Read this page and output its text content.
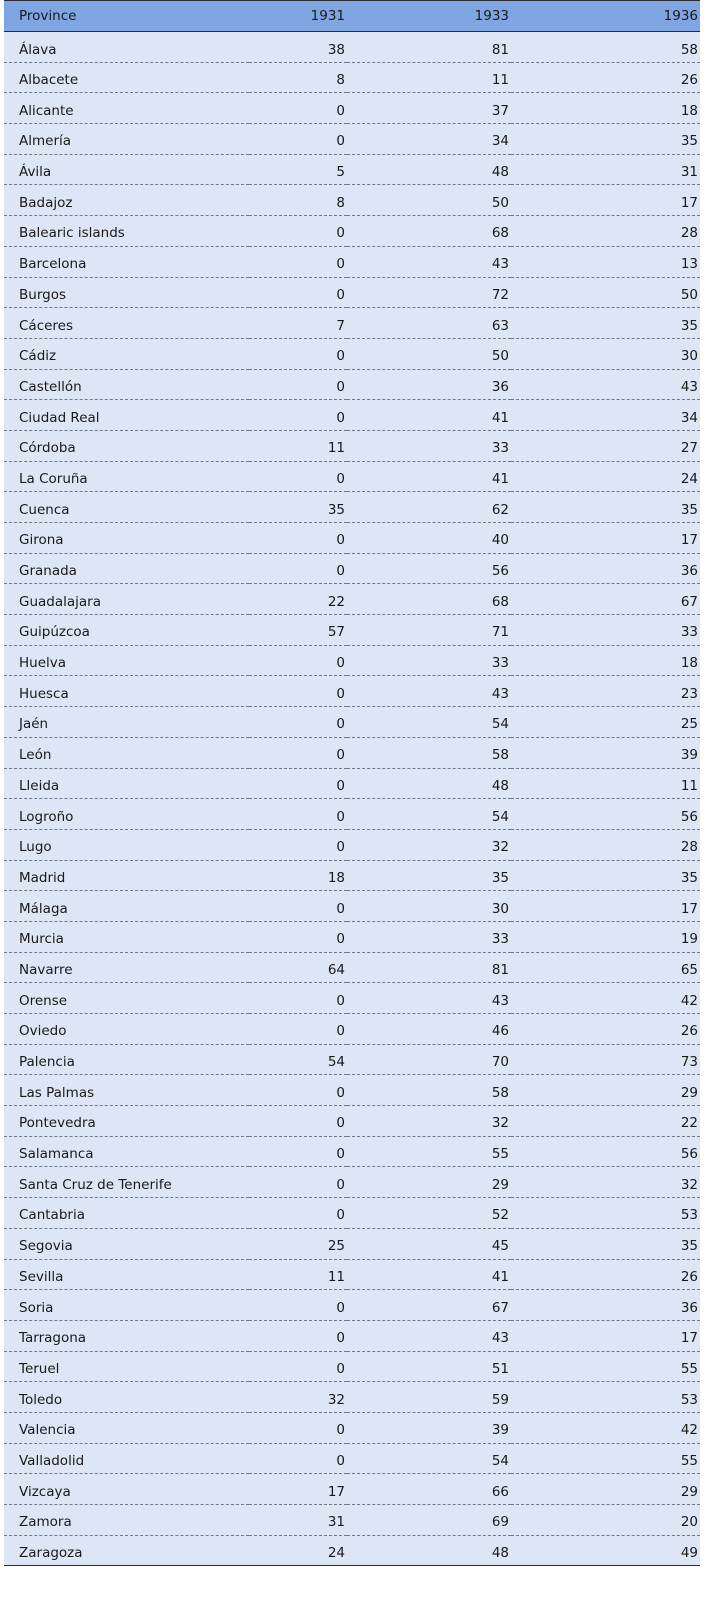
Province	1931	1933	1936
Álava	38	81	58
Albacete	8	11	26
Alicante	0	37	18
Almería	0	34	35
Ávila	5	48	31
Badajoz	8	50	17
Balearic islands	0	68	28
Barcelona	0	43	13
Burgos	0	72	50
Cáceres	7	63	35
Cádiz	0	50	30
Castellón	0	36	43
Ciudad Real	0	41	34
Córdoba	11	33	27
La Coruña	0	41	24
Cuenca	35	62	35
Girona	0	40	17
Granada	0	56	36
Guadalajara	22	68	67
Guipúzcoa	57	71	33
Huelva	0	33	18
Huesca	0	43	23
Jaén	0	54	25
León	0	58	39
Lleida	0	48	11
Logroño	0	54	56
Lugo	0	32	28
Madrid	18	35	35
Málaga	0	30	17
Murcia	0	33	19
Navarre	64	81	65
Orense	0	43	42
Oviedo	0	46	26
Palencia	54	70	73
Las Palmas	0	58	29
Pontevedra	0	32	22
Salamanca	0	55	56
Santa Cruz de Tenerife	0	29	32
Cantabria	0	52	53
Segovia	25	45	35
Sevilla	11	41	26
Soria	0	67	36
Tarragona	0	43	17
Teruel	0	51	55
Toledo	32	59	53
Valencia	0	39	42
Valladolid	0	54	55
Vizcaya	17	66	29
Zamora	31	69	20
Zaragoza	24	48	49
